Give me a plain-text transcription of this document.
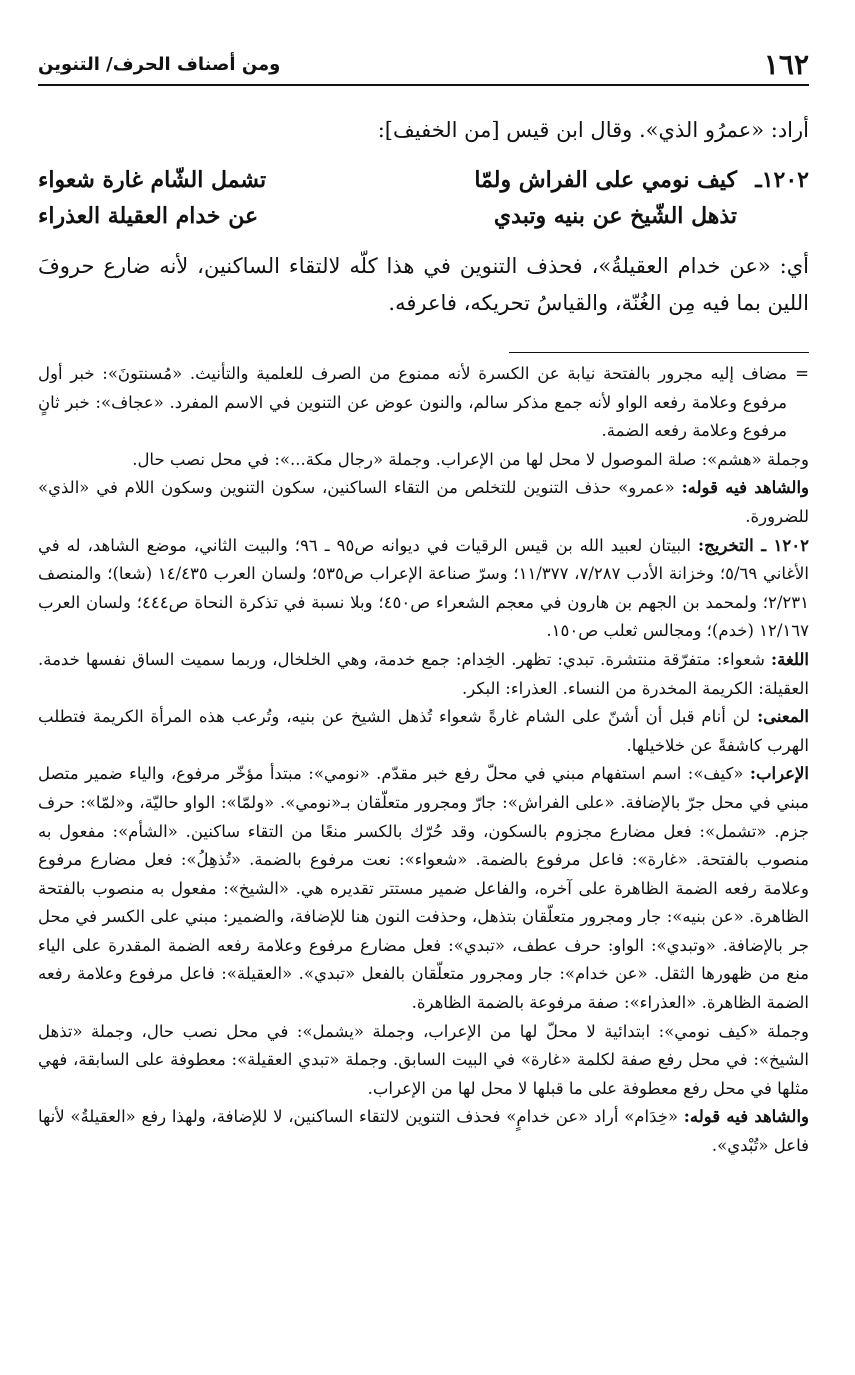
١٦٢
ومن أصناف الحرف/ التنوين

أراد: «عمرُو الذي». وقال ابن قيس [من الخفيف]:

١٢٠٢ـ
كيف نومي على الفراش ولمّا
تشمل الشّام غارة شعواء
تذهل الشّيخ عن بنيه وتبدي
عن خدام العقيلة العذراء

أي: «عن خدام العقيلةُ»، فحذف التنوين في هذا كلّه لالتقاء الساكنين، لأنه ضارع حروفَ اللين بما فيه مِن الغُنّة، والقياسُ تحريكه، فاعرفه.

=

مضاف إليه مجرور بالفتحة نيابة عن الكسرة لأنه ممنوع من الصرف للعلمية والتأنيث. «مُسنتونَ»: خبر أول مرفوع وعلامة رفعه الواو لأنه جمع مذكر سالم، والنون عوض عن التنوين في الاسم المفرد. «عجاف»: خبر ثانٍ مرفوع وعلامة رفعه الضمة.

وجملة «هشم»: صلة الموصول لا محل لها من الإعراب. وجملة «رجال مكة...»: في محل نصب حال.

والشاهد فيه قوله: «عمرو» حذف التنوين للتخلص من التقاء الساكنين، سكون التنوين وسكون اللام في «الذي» للضرورة.

١٢٠٢ ـ التخريج: البيتان لعبيد الله بن قيس الرقيات في ديوانه ص٩٥ ـ ٩٦؛ والبيت الثاني، موضع الشاهد، له في الأغاني ٥/٦٩؛ وخزانة الأدب ٧/٢٨٧، ١١/٣٧٧؛ وسرّ صناعة الإعراب ص٥٣٥؛ ولسان العرب ١٤/٤٣٥ (شعا)؛ والمنصف ٢/٢٣١؛ ولمحمد بن الجهم بن هارون في معجم الشعراء ص٤٥٠؛ وبلا نسبة في تذكرة النحاة ص٤٤٤؛ ولسان العرب ١٢/١٦٧ (خدم)؛ ومجالس ثعلب ص١٥٠.

اللغة: شعواء: متفرّقة منتشرة. تبدي: تظهر. الخِدام: جمع خدمة، وهي الخلخال، وربما سميت الساق نفسها خدمة. العقيلة: الكريمة المخدرة من النساء. العذراء: البكر.

المعنى: لن أنام قبل أن أشنّ على الشام غارةً شعواء تُذهل الشيخ عن بنيه، وتُرعب هذه المرأة الكريمة فتطلب الهرب كاشفةً عن خلاخيلها.

الإعراب: «كيف»: اسم استفهام مبني في محلّ رفع خبر مقدّم. «نومي»: مبتدأ مؤخّر مرفوع، والياء ضمير متصل مبني في محل جرّ بالإضافة. «على الفراش»: جارّ ومجرور متعلّقان بـ«نومي». «ولمّا»: الواو حاليّة، و«لمّا»: حرف جزم. «تشمل»: فعل مضارع مجزوم بالسكون، وقد حُرّك بالكسر منعًا من التقاء ساكنين. «الشأم»: مفعول به منصوب بالفتحة. «غارة»: فاعل مرفوع بالضمة. «شعواء»: نعت مرفوع بالضمة. «تُذهِلُ»: فعل مضارع مرفوع وعلامة رفعه الضمة الظاهرة على آخره، والفاعل ضمير مستتر تقديره هي. «الشيخ»: مفعول به منصوب بالفتحة الظاهرة. «عن بنيه»: جار ومجرور متعلّقان بتذهل، وحذفت النون هنا للإضافة، والضمير: مبني على الكسر في محل جر بالإضافة. «وتبدي»: الواو: حرف عطف، «تبدي»: فعل مضارع مرفوع وعلامة رفعه الضمة المقدرة على الياء منع من ظهورها الثقل. «عن خدام»: جار ومجرور متعلّقان بالفعل «تبدي». «العقيلة»: فاعل مرفوع وعلامة رفعه الضمة الظاهرة. «العذراء»: صفة مرفوعة بالضمة الظاهرة.

وجملة «كيف نومي»: ابتدائية لا محلّ لها من الإعراب، وجملة «يشمل»: في محل نصب حال، وجملة «تذهل الشيخ»: في محل رفع صفة لكلمة «غارة» في البيت السابق. وجملة «تبدي العقيلة»: معطوفة على السابقة، فهي مثلها في محل رفع معطوفة على ما قبلها لا محل لها من الإعراب.

والشاهد فيه قوله: «خِدَام» أراد «عن خدامٍ» فحذف التنوين لالتقاء الساكنين، لا للإضافة، ولهذا رفع «العقيلةُ» لأنها فاعل «تُبْدي».
